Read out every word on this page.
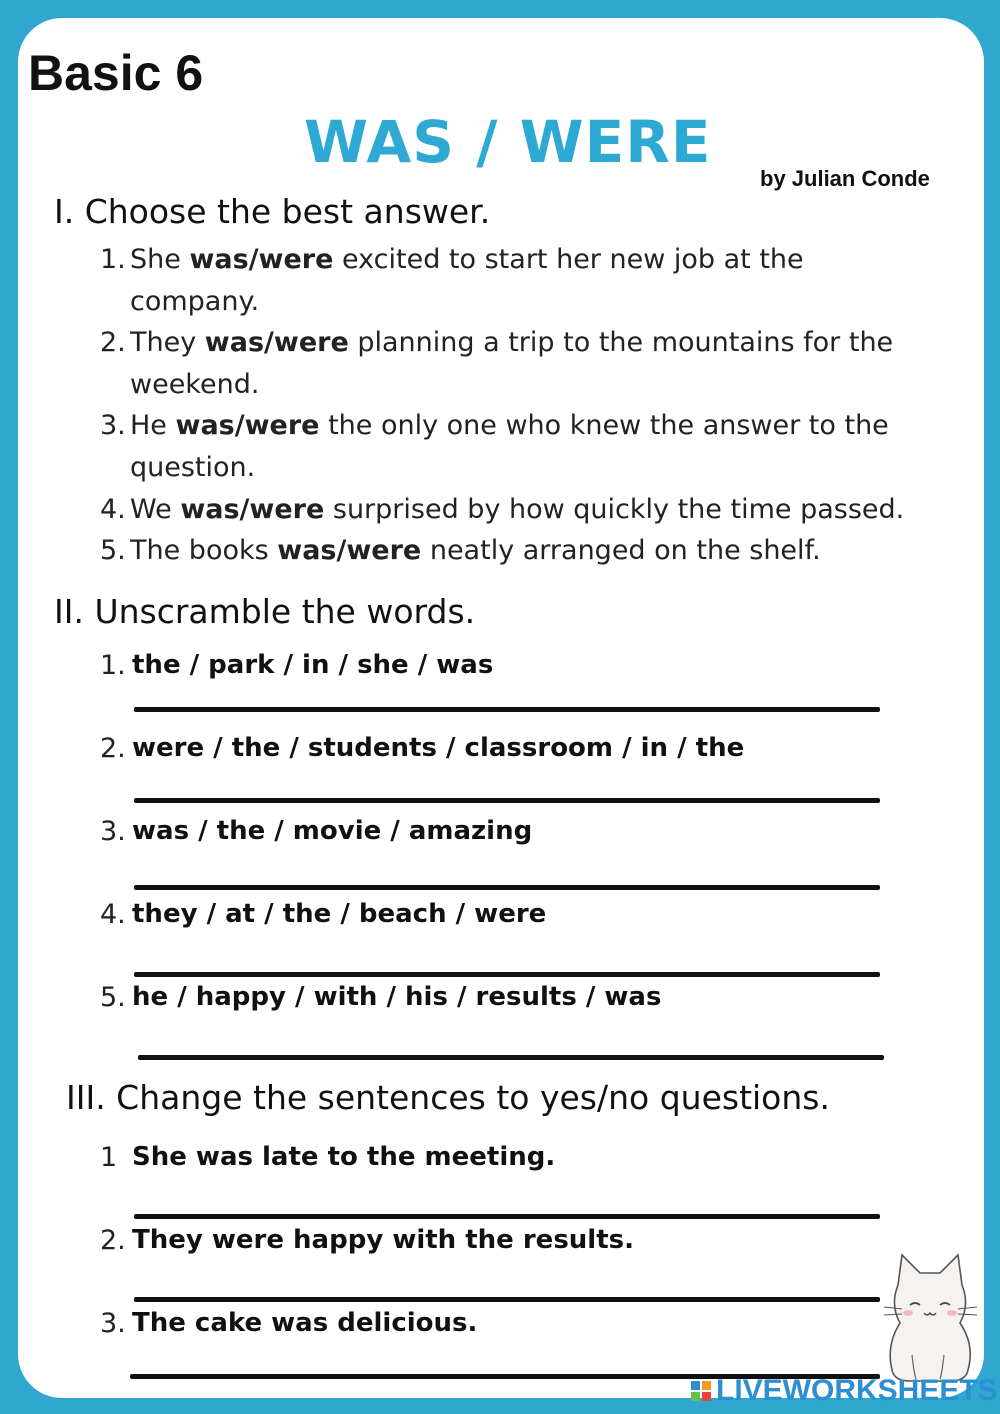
Basic 6
WAS / WERE
by Julian Conde
I. Choose the best answer.
1. She was/were excited to start her new job at the
company.
2. They was/were planning a trip to the mountains for the
weekend.
3. He was/were the only one who knew the answer to the
question.
4. We was/were surprised by how quickly the time passed.
5. The books was/were neatly arranged on the shelf.
II. Unscramble the words.
1. the / park / in / she / was
2. were / the / students / classroom / in / the
3. was / the / movie / amazing
4. they / at / the / beach / were
5. he / happy / with / his / results / was
III. Change the sentences to yes/no questions.
1 She was late to the meeting.
2. They were happy with the results.
3. The cake was delicious.
LIVEWORKSHEETS
